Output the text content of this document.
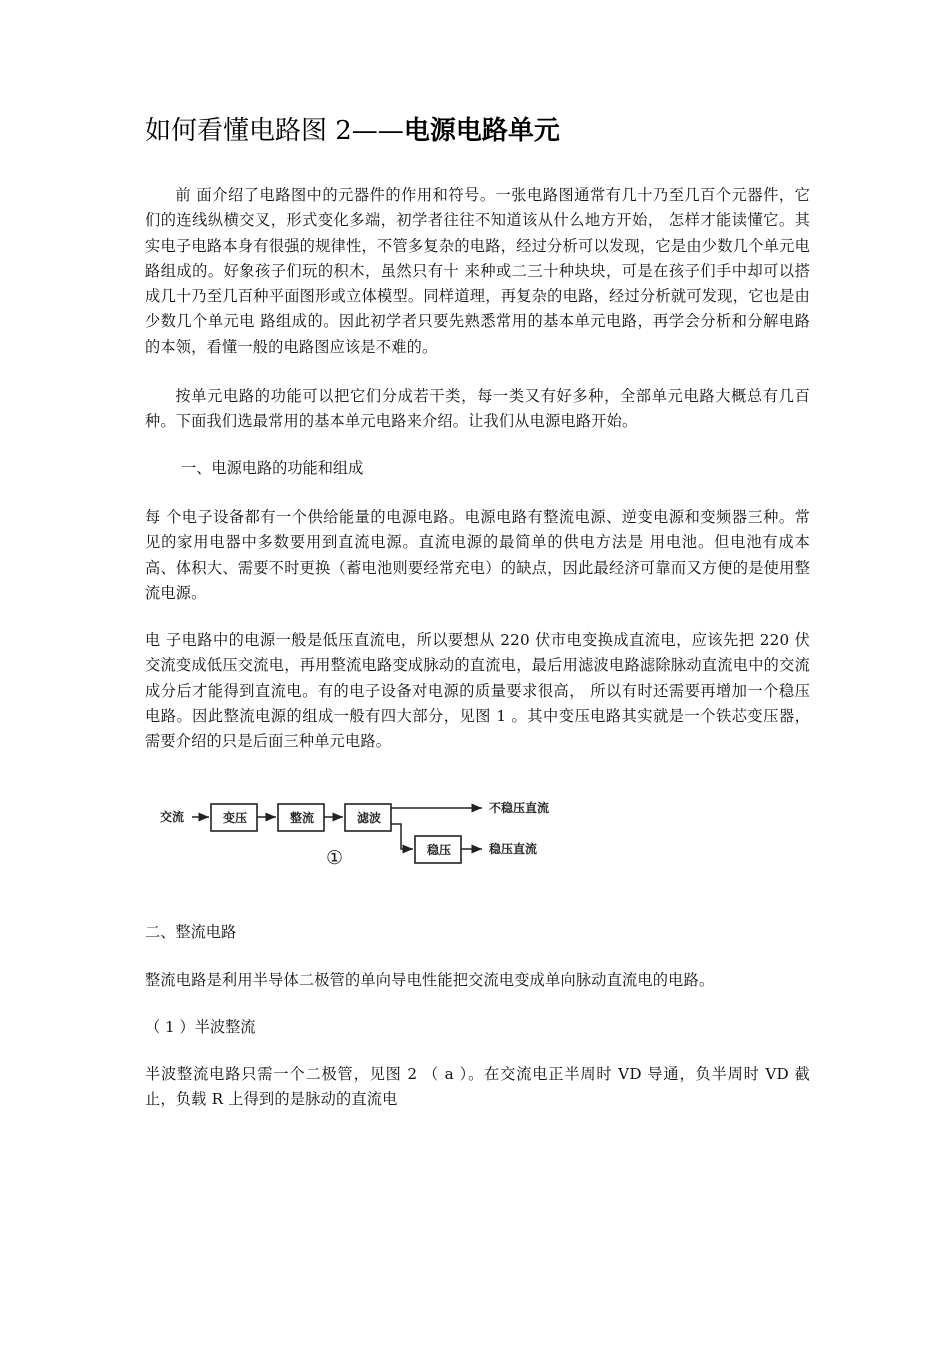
如何看懂电路图 2——电源电路单元

前 面介绍了电路图中的元器件的作用和符号。一张电路图通常有几十乃至几百个元器件，它们的连线纵横交叉，形式变化多端，初学者往往不知道该从什么地方开始， 怎样才能读懂它。其实电子电路本身有很强的规律性，不管多复杂的电路，经过分析可以发现，它是由少数几个单元电路组成的。好象孩子们玩的积木，虽然只有十 来种或二三十种块块，可是在孩子们手中却可以搭成几十乃至几百种平面图形或立体模型。同样道理，再复杂的电路，经过分析就可发现，它也是由少数几个单元电 路组成的。因此初学者只要先熟悉常用的基本单元电路，再学会分析和分解电路的本领，看懂一般的电路图应该是不难的。

按单元电路的功能可以把它们分成若干类，每一类又有好多种，全部单元电路大概总有几百种。下面我们选最常用的基本单元电路来介绍。让我们从电源电路开始。

一、电源电路的功能和组成

每 个电子设备都有一个供给能量的电源电路。电源电路有整流电源、逆变电源和变频器三种。常见的家用电器中多数要用到直流电源。直流电源的最简单的供电方法是 用电池。但电池有成本高、体积大、需要不时更换（蓄电池则要经常充电）的缺点，因此最经济可靠而又方便的是使用整流电源。

电 子电路中的电源一般是低压直流电，所以要想从 220 伏市电变换成直流电，应该先把 220 伏交流变成低压交流电，再用整流电路变成脉动的直流电，最后用滤波电路滤除脉动直流电中的交流成分后才能得到直流电。有的电子设备对电源的质量要求很高， 所以有时还需要再增加一个稳压电路。因此整流电源的组成一般有四大部分，见图 1 。其中变压电路其实就是一个铁芯变压器，需要介绍的只是后面三种单元电路。

交流	变压	整流	滤波
不稳压直流
稳压	稳压直流
①
二、整流电路

整流电路是利用半导体二极管的单向导电性能把交流电变成单向脉动直流电的电路。

（ 1 ）半波整流

半波整流电路只需一个二极管，见图 2 （ a ）。在交流电正半周时 VD 导通，负半周时 VD 截止，负载 R 上得到的是脉动的直流电
